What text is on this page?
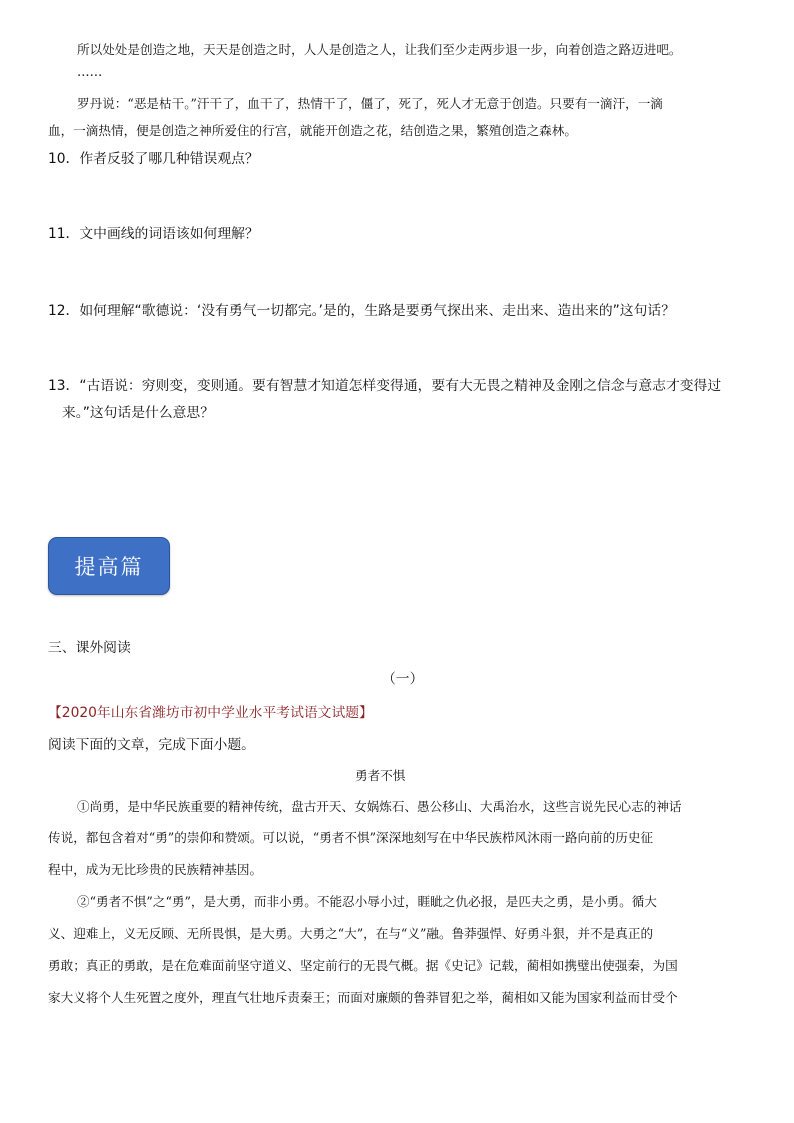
所以处处是创造之地，天天是创造之时，人人是创造之人，让我们至少走两步退一步，向着创造之路迈进吧。

……

罗丹说：“恶是枯干。”汗干了，血干了，热情干了，僵了，死了，死人才无意于创造。只要有一滴汗，一滴

血，一滴热情，便是创造之神所爱住的行宫，就能开创造之花，结创造之果，繁殖创造之森林。

10．作者反驳了哪几种错误观点？

11．文中画线的词语该如何理解？

12．如何理解“歌德说：‘没有勇气一切都完。’是的，生路是要勇气探出来、走出来、造出来的”这句话？

13．“古语说：穷则变，变则通。要有智慧才知道怎样变得通，要有大无畏之精神及金刚之信念与意志才变得过

来。”这句话是什么意思？

提高篇

三、课外阅读

（一）

【2020年山东省潍坊市初中学业水平考试语文试题】

阅读下面的文章，完成下面小题。

勇者不惧

①尚勇，是中华民族重要的精神传统，盘古开天、女娲炼石、愚公移山、大禹治水，这些言说先民心志的神话

传说，都包含着对“勇”的崇仰和赞颂。可以说，“勇者不惧”深深地刻写在中华民族栉风沐雨一路向前的历史征

程中，成为无比珍贵的民族精神基因。

②“勇者不惧”之“勇”，是大勇，而非小勇。不能忍小辱小过，睚眦之仇必报，是匹夫之勇，是小勇。循大

义、迎难上，义无反顾、无所畏惧，是大勇。大勇之“大”，在与“义”融。鲁莽强悍、好勇斗狠，并不是真正的

勇敢；真正的勇敢，是在危难面前坚守道义、坚定前行的无畏气概。据《史记》记载，蔺相如携璧出使强秦，为国

家大义将个人生死置之度外，理直气壮地斥责秦王；而面对廉颇的鲁莽冒犯之举，蔺相如又能为国家利益而甘受个
